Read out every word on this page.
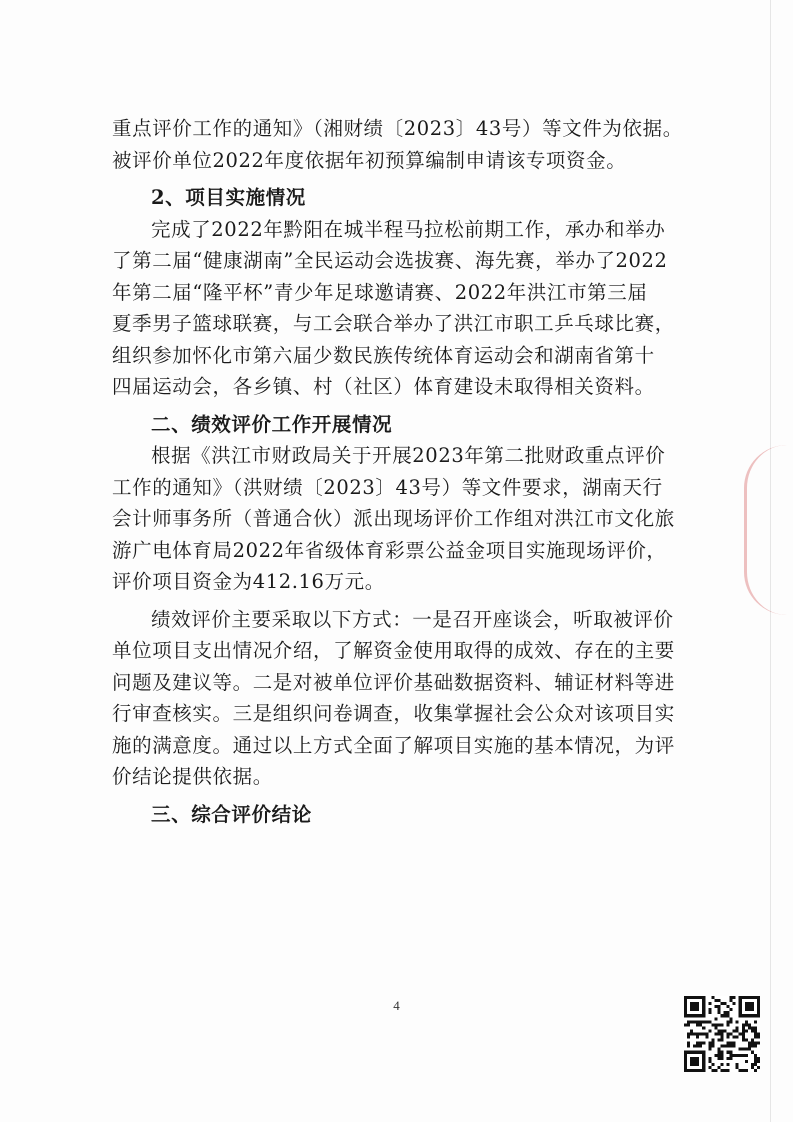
重点评价工作的通知》（湘财绩〔2023〕43号）等文件为依据。
被评价单位2022年度依据年初预算编制申请该专项资金。
2、项目实施情况
完成了2022年黔阳在城半程马拉松前期工作，承办和举办
了第二届“健康湖南”全民运动会选拔赛、海先赛，举办了2022
年第二届“隆平杯”青少年足球邀请赛、2022年洪江市第三届
夏季男子篮球联赛，与工会联合举办了洪江市职工乒乓球比赛，
组织参加怀化市第六届少数民族传统体育运动会和湖南省第十
四届运动会，各乡镇、村（社区）体育建设未取得相关资料。
二、绩效评价工作开展情况
根据《洪江市财政局关于开展2023年第二批财政重点评价
工作的通知》（洪财绩〔2023〕43号）等文件要求，湖南天行
会计师事务所（普通合伙）派出现场评价工作组对洪江市文化旅
游广电体育局2022年省级体育彩票公益金项目实施现场评价，
评价项目资金为412.16万元。
绩效评价主要采取以下方式：一是召开座谈会，听取被评价
单位项目支出情况介绍，了解资金使用取得的成效、存在的主要
问题及建议等。二是对被单位评价基础数据资料、辅证材料等进
行审查核实。三是组织问卷调查，收集掌握社会公众对该项目实
施的满意度。通过以上方式全面了解项目实施的基本情况，为评
价结论提供依据。
三、综合评价结论
4
